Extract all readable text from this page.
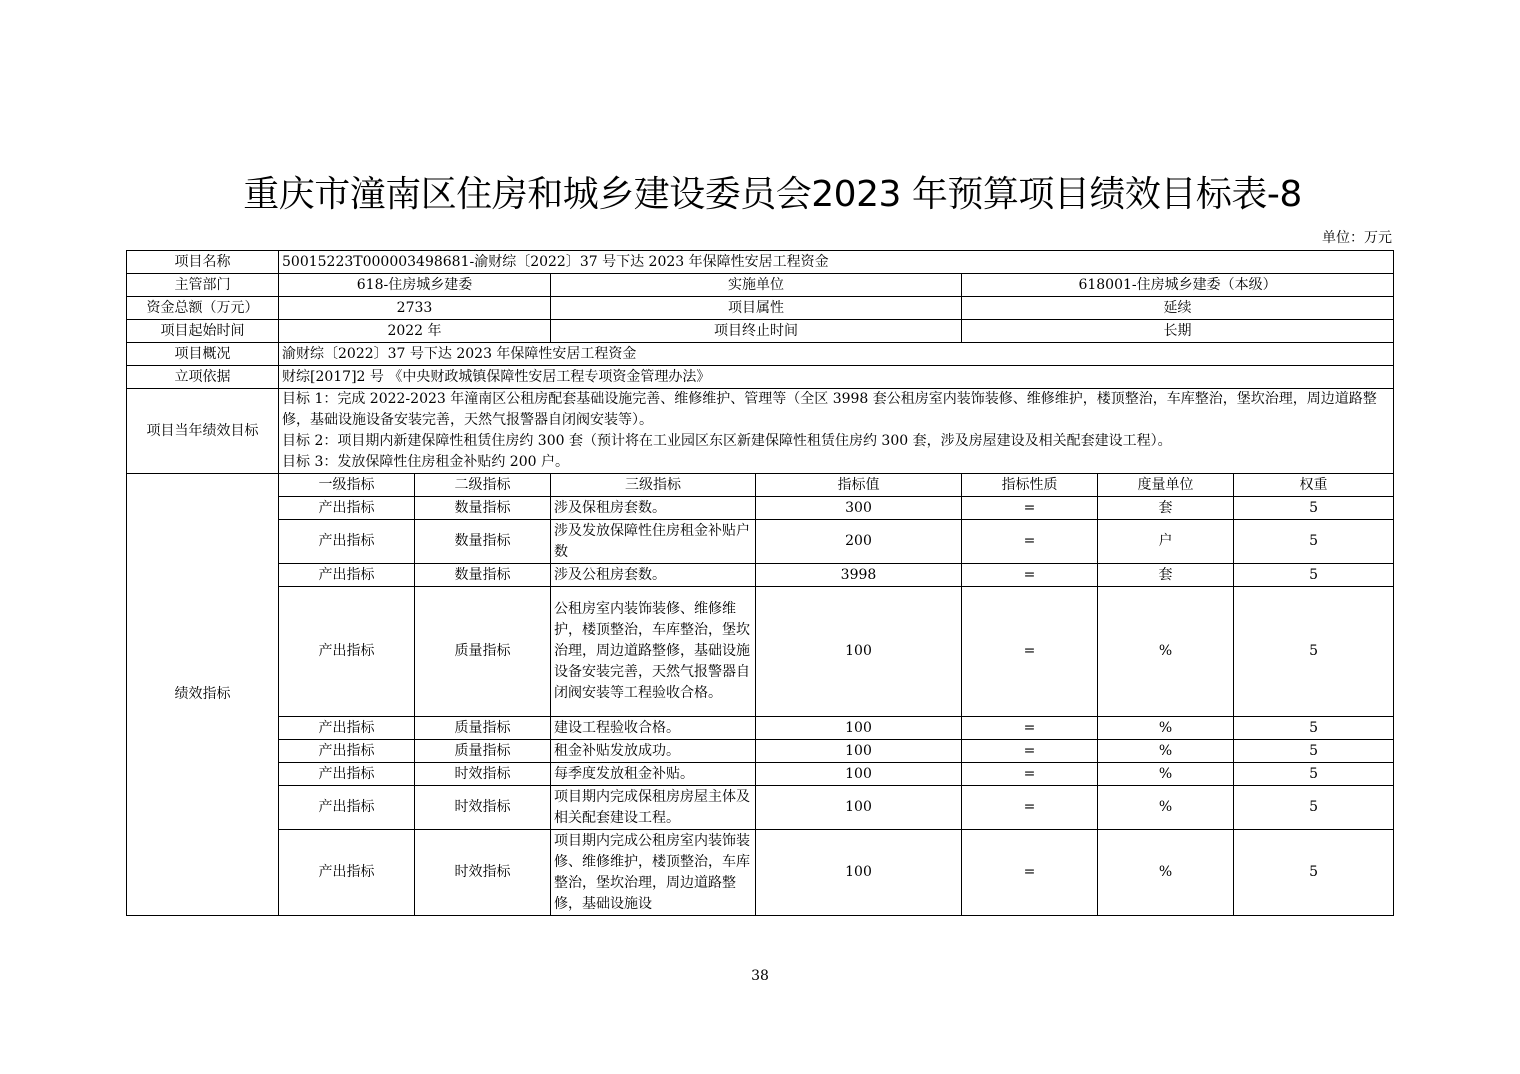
重庆市潼南区住房和城乡建设委员会2023 年预算项目绩效目标表-8
单位：万元
项目名称	50015223T000003498681-渝财综〔2022〕37 号下达 2023 年保障性安居工程资金						
主管部门	618-住房城乡建委		实施单位		618001-住房城乡建委（本级）		
资金总额（万元）	2733		项目属性		延续		
项目起始时间	2022 年		项目终止时间		长期		
项目概况	渝财综〔2022〕37 号下达 2023 年保障性安居工程资金						
立项依据	财综[2017]2 号 《中央财政城镇保障性安居工程专项资金管理办法》						
项目当年绩效目标	目标 1：完成 2022-2023 年潼南区公租房配套基础设施完善、维修维护、管理等（全区 3998 套公租房室内装饰装修、维修维护，楼顶整治，车库整治，堡坎治理，周边道路整修，基础设施设备安装完善，天然气报警器自闭阀安装等）。
目标 2：项目期内新建保障性租赁住房约 300 套（预计将在工业园区东区新建保障性租赁住房约 300 套，涉及房屋建设及相关配套建设工程）。
目标 3：发放保障性住房租金补贴约 200 户。						

绩效指标	一级指标	二级指标	三级指标	指标值	指标性质	度量单位	权重
	产出指标	数量指标	涉及保租房套数。	300	=	套	5
	产出指标	数量指标	涉及发放保障性住房租金补贴户数	200	=	户	5
	产出指标	数量指标	涉及公租房套数。	3998	=	套	5
	产出指标	质量指标	公租房室内装饰装修、维修维护，楼顶整治，车库整治，堡坎治理，周边道路整修，基础设施设备安装完善，天然气报警器自闭阀安装等工程验收合格。	100	=	%	5
	产出指标	质量指标	建设工程验收合格。	100	=	%	5
	产出指标	质量指标	租金补贴发放成功。	100	=	%	5
	产出指标	时效指标	每季度发放租金补贴。	100	=	%	5
	产出指标	时效指标	项目期内完成保租房房屋主体及相关配套建设工程。	100	=	%	5
	产出指标	时效指标	项目期内完成公租房室内装饰装修、维修维护，楼顶整治，车库整治，堡坎治理，周边道路整修，基础设施设	100	=	%	5
38
